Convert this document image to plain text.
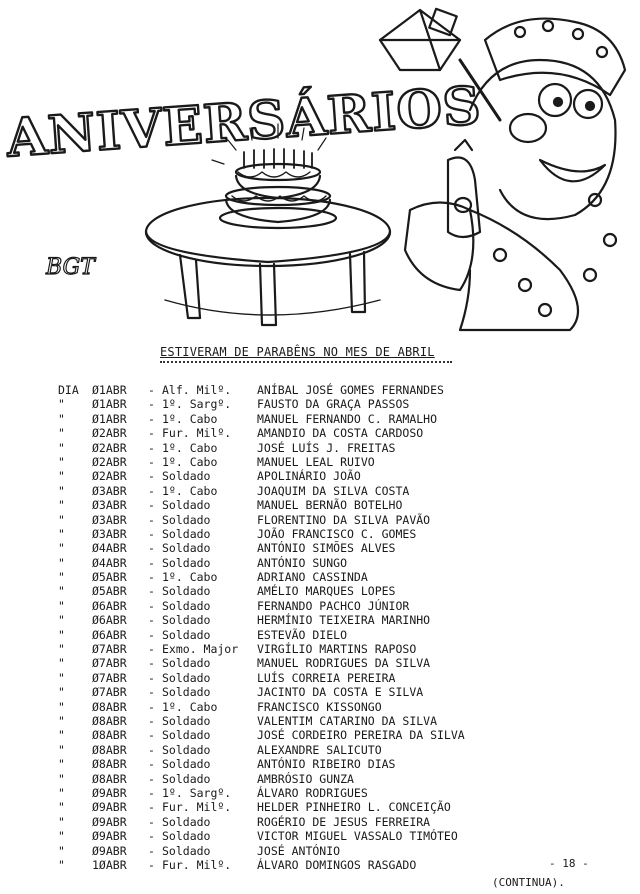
ANIVERSÁRIOS
BGT
ESTIVERAM DE PARABÊNS NO MES DE ABRIL
DIA	Ø1ABR	- Alf. Milº.	ANÍBAL JOSÉ GOMES FERNANDES
"	Ø1ABR	- 1º. Sargº.	FAUSTO DA GRAÇA PASSOS
"	Ø1ABR	- 1º. Cabo	MANUEL FERNANDO C. RAMALHO
"	Ø2ABR	- Fur. Milº.	AMANDIO DA COSTA CARDOSO
"	Ø2ABR	- 1º. Cabo	JOSÉ LUÍS J. FREITAS
"	Ø2ABR	- 1º. Cabo	MANUEL LEAL RUIVO
"	Ø2ABR	- Soldado	APOLINÁRIO JOÃO
"	Ø3ABR	- 1º. Cabo	JOAQUIM DA SILVA COSTA
"	Ø3ABR	- Soldado	MANUEL BERNÃO BOTELHO
"	Ø3ABR	- Soldado	FLORENTINO DA SILVA PAVÃO
"	Ø3ABR	- Soldado	JOÃO FRANCISCO C. GOMES
"	Ø4ABR	- Soldado	ANTÓNIO SIMÕES ALVES
"	Ø4ABR	- Soldado	ANTÓNIO SUNGO
"	Ø5ABR	- 1º. Cabo	ADRIANO CASSINDA
"	Ø5ABR	- Soldado	AMÉLIO MARQUES LOPES
"	Ø6ABR	- Soldado	FERNANDO PACHCO JÚNIOR
"	Ø6ABR	- Soldado	HERMÍNIO TEIXEIRA MARINHO
"	Ø6ABR	- Soldado	ESTEVÃO DIELO
"	Ø7ABR	- Exmo. Major	VIRGÍLIO MARTINS RAPOSO
"	Ø7ABR	- Soldado	MANUEL RODRIGUES DA SILVA
"	Ø7ABR	- Soldado	LUÍS CORREIA PEREIRA
"	Ø7ABR	- Soldado	JACINTO DA COSTA E SILVA
"	Ø8ABR	- 1º. Cabo	FRANCISCO KISSONGO
"	Ø8ABR	- Soldado	VALENTIM CATARINO DA SILVA
"	Ø8ABR	- Soldado	JOSÉ CORDEIRO PEREIRA DA SILVA
"	Ø8ABR	- Soldado	ALEXANDRE SALICUTO
"	Ø8ABR	- Soldado	ANTÓNIO RIBEIRO DIAS
"	Ø8ABR	- Soldado	AMBRÓSIO GUNZA
"	Ø9ABR	- 1º. Sargº.	ÁLVARO RODRIGUES
"	Ø9ABR	- Fur. Milº.	HELDER PINHEIRO L. CONCEIÇÃO
"	Ø9ABR	- Soldado	ROGÉRIO DE JESUS FERREIRA
"	Ø9ABR	- Soldado	VICTOR MIGUEL VASSALO TIMÓTEO
"	Ø9ABR	- Soldado	JOSÉ ANTÓNIO
"	1ØABR	- Fur. Milº.	ÁLVARO DOMINGOS RASGADO	- 18 -
(CONTINUA).
